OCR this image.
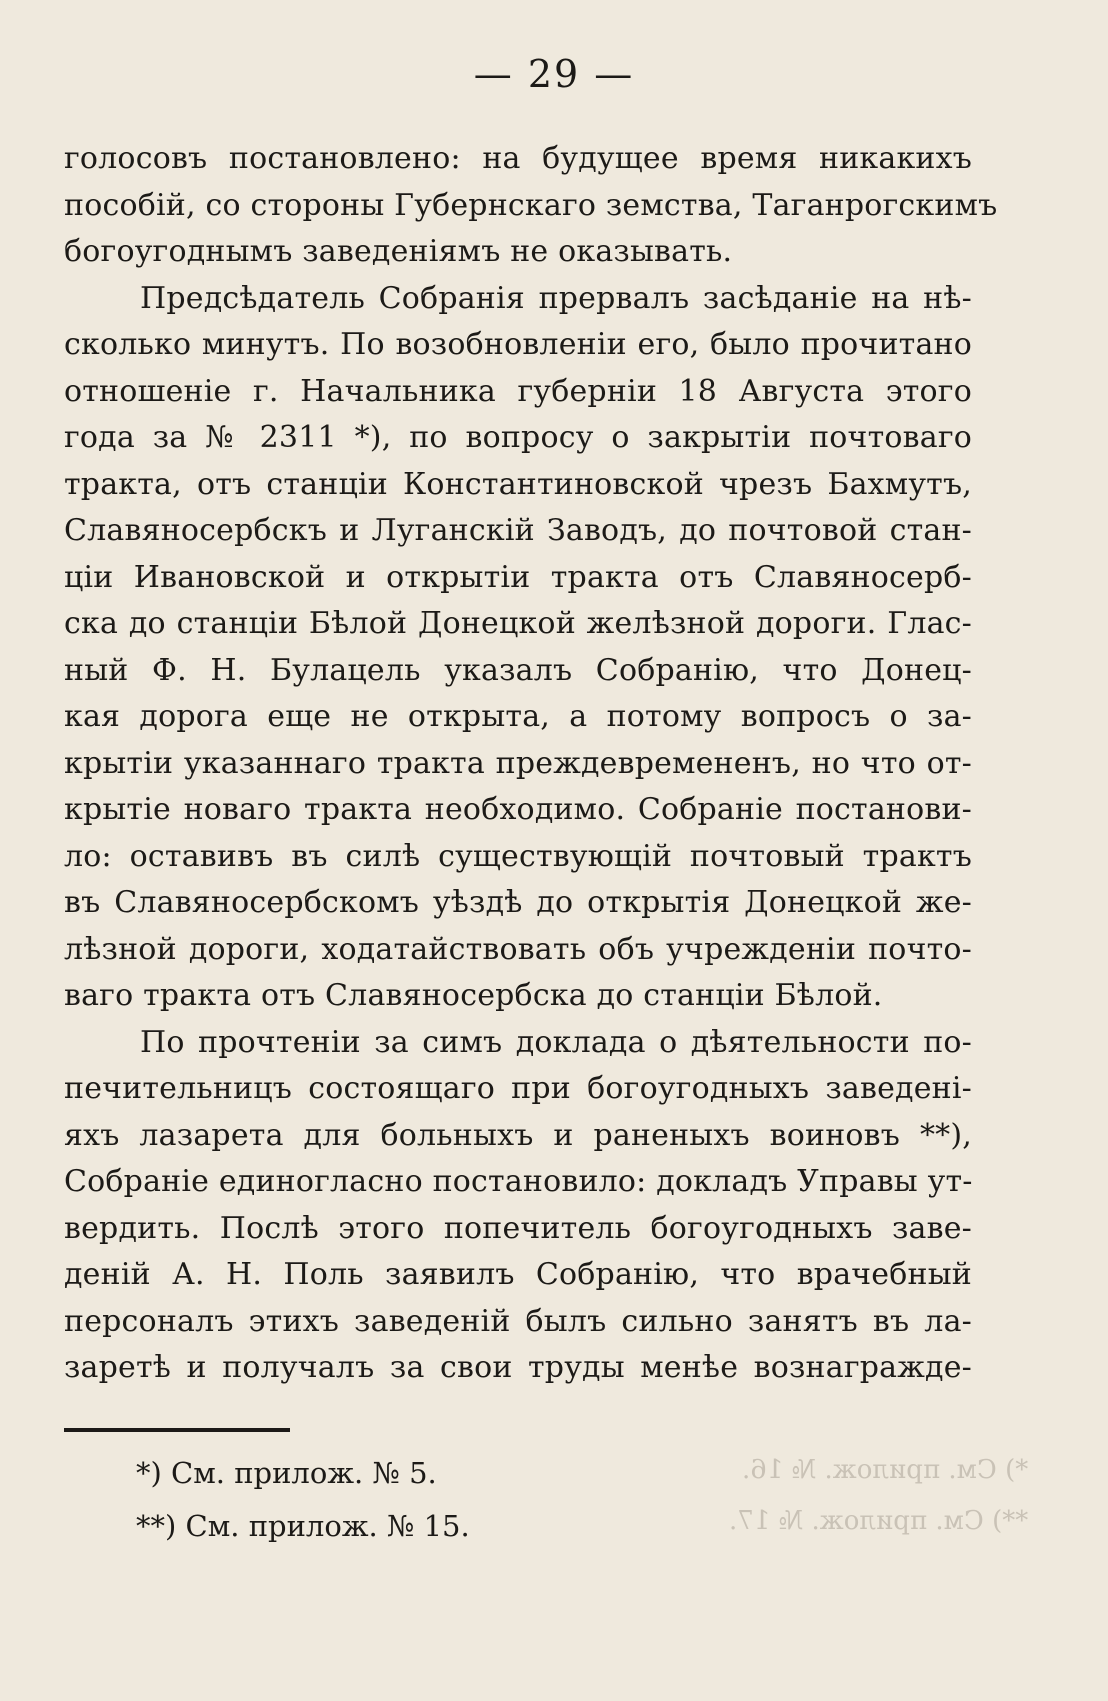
— 29 —
голосовъ постановлено: на будущее время никакихъ
пособій, со стороны Губернскаго земства, Таганрогскимъ
богоугоднымъ заведеніямъ не оказывать.
Предсѣдатель Собранія прервалъ засѣданіе на нѣ-
сколько минутъ. По возобновленіи его, было прочитано
отношеніе г. Начальника губерніи 18 Августа этого
года за № 2311 *), по вопросу о закрытіи почтоваго
тракта, отъ станціи Константиновской чрезъ Бахмутъ,
Славяносербскъ и Луганскій Заводъ, до почтовой стан-
ціи Ивановской и открытіи тракта отъ Славяносерб-
ска до станціи Бѣлой Донецкой желѣзной дороги. Глас-
ный Ф. Н. Булацель указалъ Собранію, что Донец-
кая дорога еще не открыта, а потому вопросъ о за-
крытіи указаннаго тракта преждевремененъ, но что от-
крытіе новаго тракта необходимо. Собраніе постанови-
ло: оставивъ въ силѣ существующій почтовый трактъ
въ Славяносербскомъ уѣздѣ до открытія Донецкой же-
лѣзной дороги, ходатайствовать объ учрежденіи почто-
ваго тракта отъ Славяносербска до станціи Бѣлой.
По прочтеніи за симъ доклада о дѣятельности по-
печительницъ состоящаго при богоугодныхъ заведені-
яхъ лазарета для больныхъ и раненыхъ воиновъ **),
Собраніе единогласно постановило: докладъ Управы ут-
вердить. Послѣ этого попечитель богоугодныхъ заве-
деній А. Н. Поль заявилъ Собранію, что врачебный
персоналъ этихъ заведеній былъ сильно занятъ въ ла-
заретѣ и получалъ за свои труды менѣе вознагражде-
*) См. прилож. № 5.
**) См. прилож. № 15.
*) См. прилож. № 16.
**) См. прилож. № 17.
